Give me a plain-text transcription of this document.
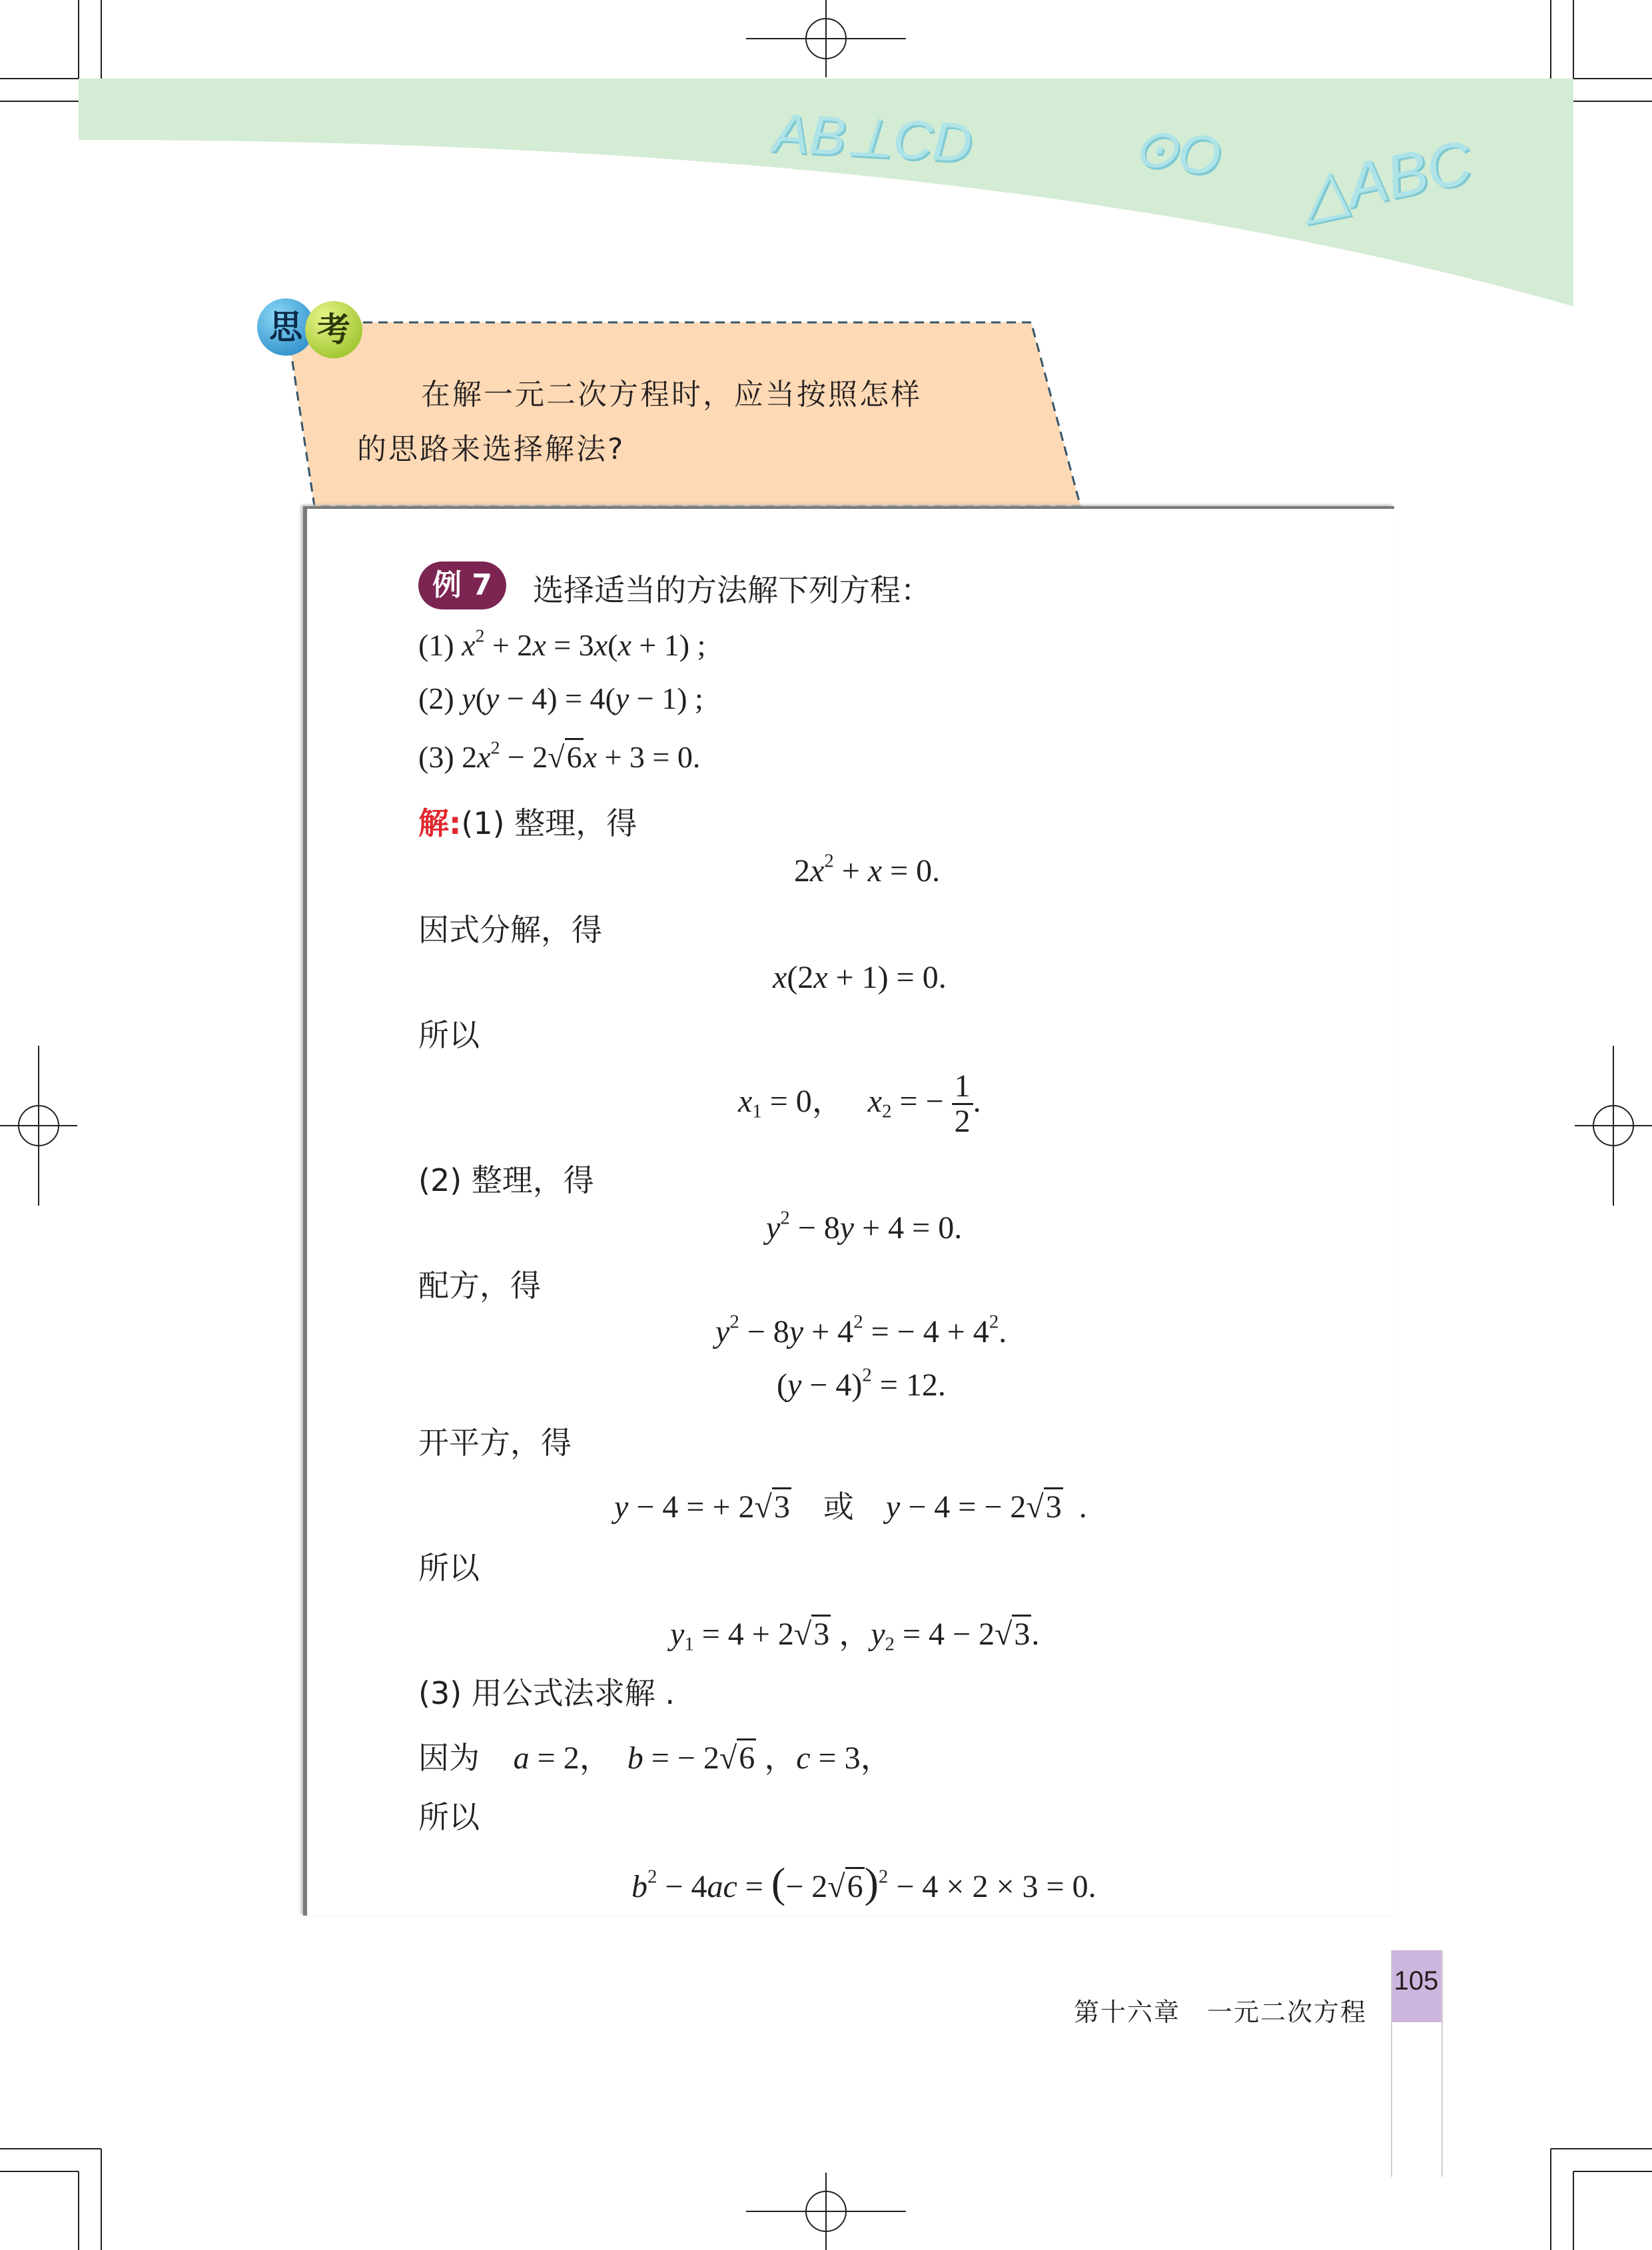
AB⊥CD	⊙O △ABC
思 考
在解一元二次方程时，应当按照怎样
的思路来选择解法?
例 7	选择适当的方法解下列方程：
(1) $x^2 + 2x = 3x(x + 1)$ ;
(2) y(y − 4) = 4(y − 1) ;
(3) $2x^2 - 2√6x + 3 = 0$.
解:(1) 整理，得
$2x^2 + x = 0$.
因式分解，得
x(2x + 1) = 0.
所以
$x_1 = 0$，   $x_2$ = − $\frac{1}{2}$ .
(2) 整理，得
$y^2 - 8y + 4 = 0$.
配方，得
$y^2 - 8y + 4^2$ = − $4 + 4^2$.
$(y - 4)^2 = 12$.
开平方，得
y − 4 = + 2√3 或 y − 4 = − 2√3  .
所以
$y_1 = 4 + 2√3$ ，$y_2 = 4 - 2√3$.
(3) 用公式法求解 .
因为 a = 2，  b = − 2√6 ，c = 3，
所以
$b^2 - 4ac$ = (− 2√6)$^2$ − 4 × 2 × 3 = 0.
105
第十六章　一元二次方程
